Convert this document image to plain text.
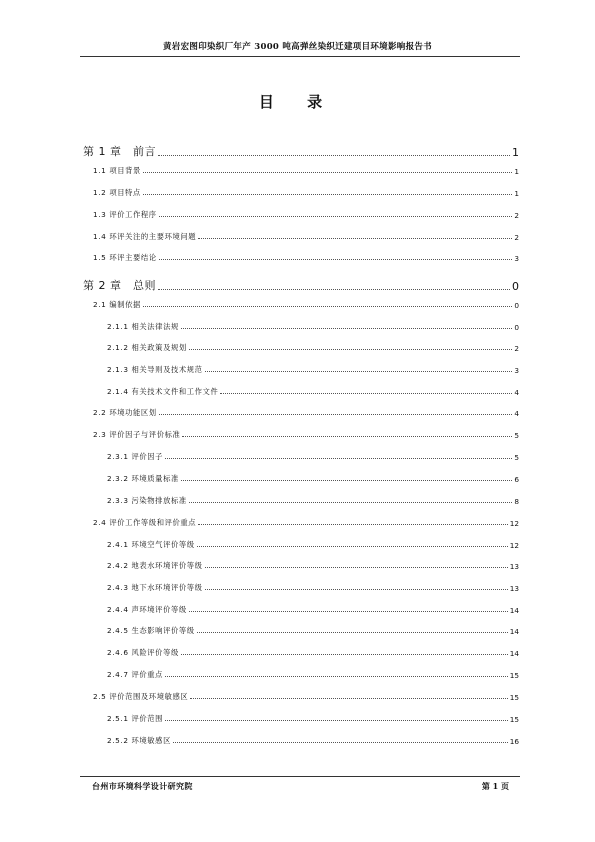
黄岩宏图印染织厂年产 3000 吨高弹丝染织迁建项目环境影响报告书
目 录
第 1 章　前言	1
1.1 项目背景	1
1.2 项目特点	1
1.3 评价工作程序	2
1.4 环评关注的主要环境问题	2
1.5 环评主要结论	3
第 2 章　总则	0
2.1 编制依据	0
2.1.1 相关法律法规	0
2.1.2 相关政策及规划	2
2.1.3 相关导则及技术规范	3
2.1.4 有关技术文件和工作文件	4
2.2 环境功能区划	4
2.3 评价因子与评价标准	5
2.3.1 评价因子	5
2.3.2 环境质量标准	6
2.3.3 污染物排放标准	8
2.4 评价工作等级和评价重点	12
2.4.1 环境空气评价等级	12
2.4.2 地表水环境评价等级	13
2.4.3 地下水环境评价等级	13
2.4.4 声环境评价等级	14
2.4.5 生态影响评价等级	14
2.4.6 风险评价等级	14
2.4.7 评价重点	15
2.5 评价范围及环境敏感区	15
2.5.1 评价范围	15
2.5.2 环境敏感区	16
台州市环境科学设计研究院	第 1 页
